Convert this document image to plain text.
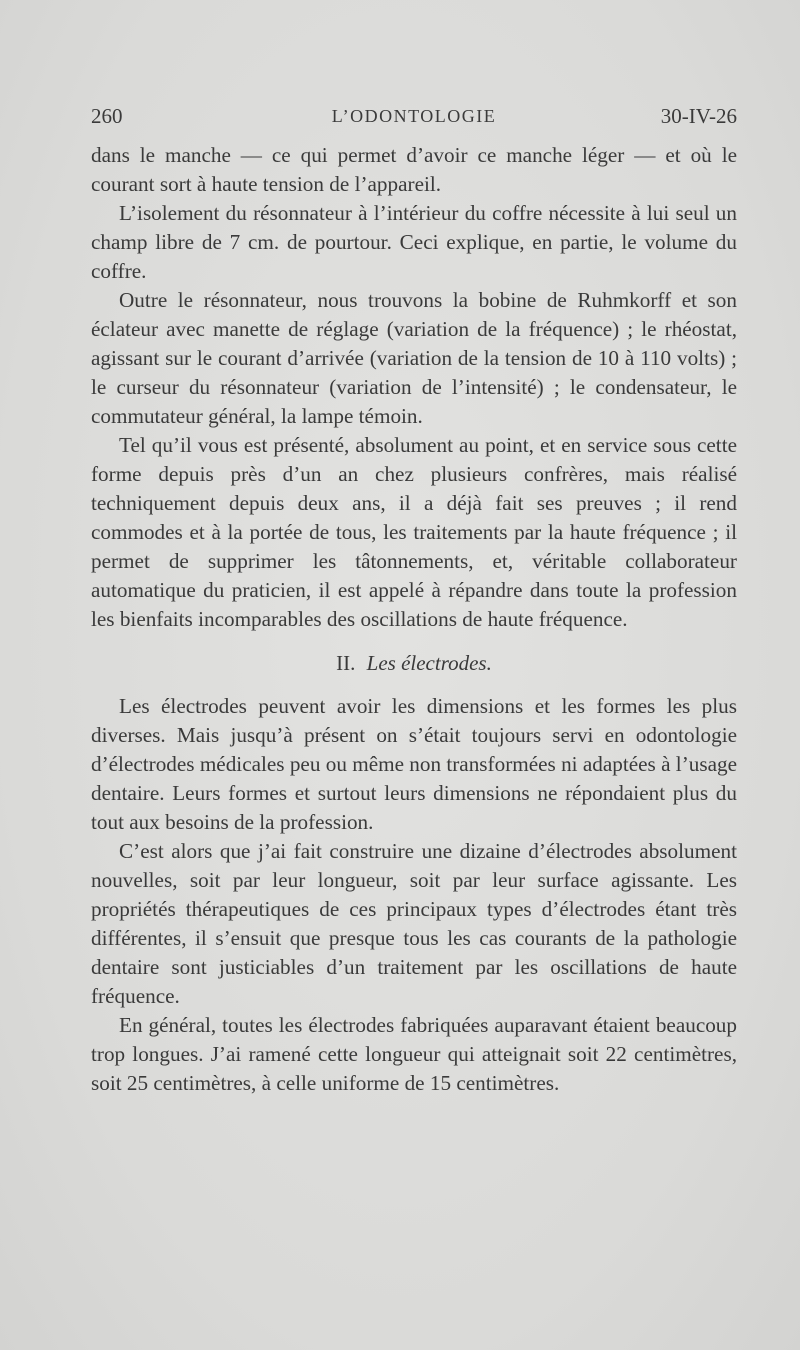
260	L’ODONTOLOGIE	30-IV-26

dans le manche — ce qui permet d’avoir ce manche léger — et où le courant sort à haute tension de l’appareil.

L’isolement du résonnateur à l’intérieur du coffre nécessite à lui seul un champ libre de 7 cm. de pourtour. Ceci explique, en partie, le volume du coffre.

Outre le résonnateur, nous trouvons la bobine de Ruhmkorff et son éclateur avec manette de réglage (variation de la fréquence) ; le rhéostat, agissant sur le courant d’arrivée (variation de la tension de 10 à 110 volts) ; le curseur du résonnateur (variation de l’intensité) ; le condensateur, le commutateur général, la lampe témoin.

Tel qu’il vous est présenté, absolument au point, et en service sous cette forme depuis près d’un an chez plusieurs confrères, mais réalisé techniquement depuis deux ans, il a déjà fait ses preuves ; il rend commodes et à la portée de tous, les traitements par la haute fréquence ; il permet de supprimer les tâtonnements, et, véritable collaborateur automatique du praticien, il est appelé à répandre dans toute la profession les bienfaits incomparables des oscillations de haute fréquence.

II. Les électrodes.

Les électrodes peuvent avoir les dimensions et les formes les plus diverses. Mais jusqu’à présent on s’était toujours servi en odontologie d’électrodes médicales peu ou même non transformées ni adaptées à l’usage dentaire. Leurs formes et surtout leurs dimensions ne répondaient plus du tout aux besoins de la profession.

C’est alors que j’ai fait construire une dizaine d’électrodes absolument nouvelles, soit par leur longueur, soit par leur surface agissante. Les propriétés thérapeutiques de ces principaux types d’électrodes étant très différentes, il s’ensuit que presque tous les cas courants de la pathologie dentaire sont justiciables d’un traitement par les oscillations de haute fréquence.

En général, toutes les électrodes fabriquées auparavant étaient beaucoup trop longues. J’ai ramené cette longueur qui atteignait soit 22 centimètres, soit 25 centimètres, à celle uniforme de 15 centimètres.
